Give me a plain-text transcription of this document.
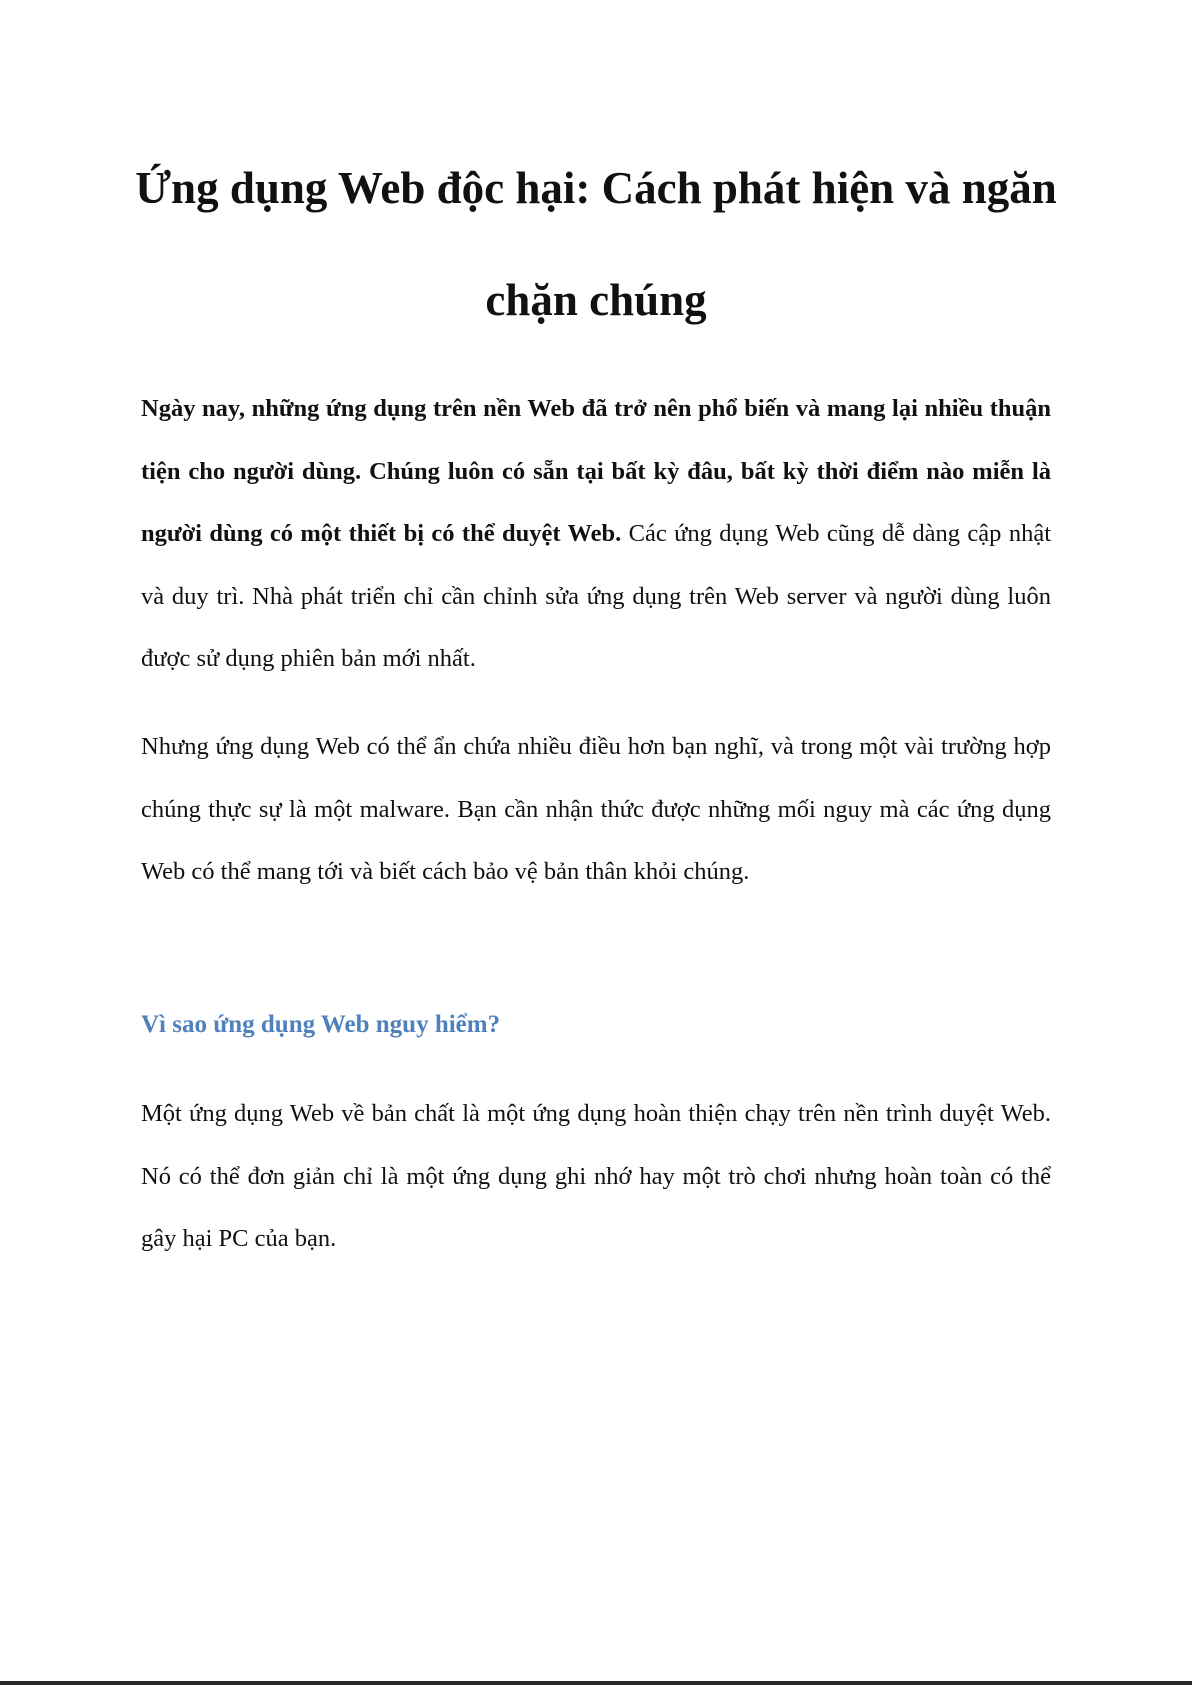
Ứng dụng Web độc hại: Cách phát hiện và ngăn chặn chúng

Ngày nay, những ứng dụng trên nền Web đã trở nên phổ biến và mang lại nhiều thuận tiện cho người dùng. Chúng luôn có sẵn tại bất kỳ đâu, bất kỳ thời điểm nào miễn là người dùng có một thiết bị có thể duyệt Web. Các ứng dụng Web cũng dễ dàng cập nhật và duy trì. Nhà phát triển chỉ cần chỉnh sửa ứng dụng trên Web server và người dùng luôn được sử dụng phiên bản mới nhất.

Nhưng ứng dụng Web có thể ẩn chứa nhiều điều hơn bạn nghĩ, và trong một vài trường hợp chúng thực sự là một malware. Bạn cần nhận thức được những mối nguy mà các ứng dụng Web có thể mang tới và biết cách bảo vệ bản thân khỏi chúng.

Vì sao ứng dụng Web nguy hiểm?

Một ứng dụng Web về bản chất là một ứng dụng hoàn thiện chạy trên nền trình duyệt Web. Nó có thể đơn giản chỉ là một ứng dụng ghi nhớ hay một trò chơi nhưng hoàn toàn có thể gây hại PC của bạn.
